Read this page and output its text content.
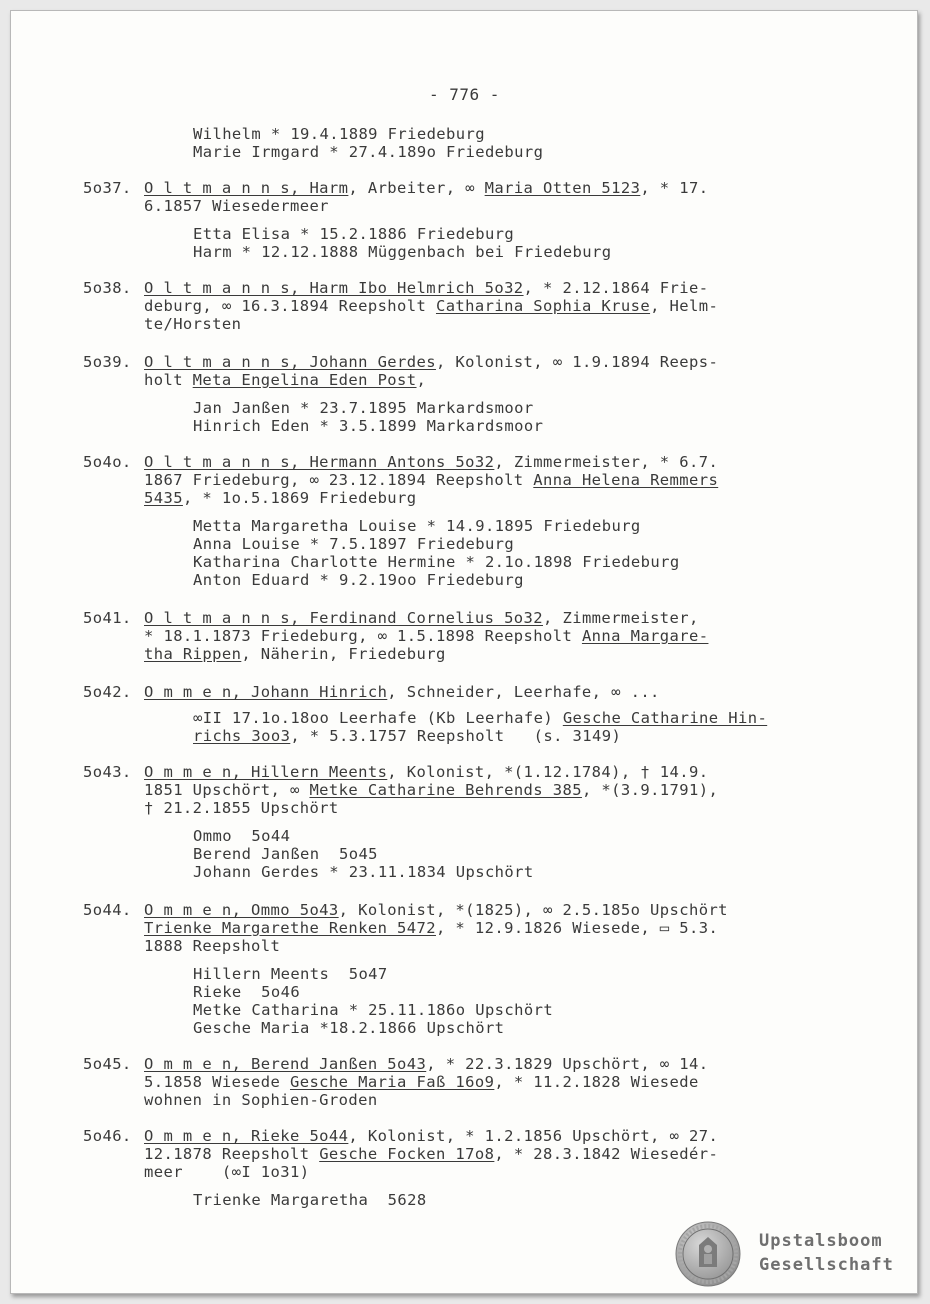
- 776 -
Wilhelm * 19.4.1889 Friedeburg
Marie Irmgard * 27.4.189o Friedeburg
5o37. O l t m a n n s, Harm, Arbeiter, ∞ Maria Otten 5123, * 17.
6.1857 Wiesedermeer
Etta Elisa * 15.2.1886 Friedeburg
Harm * 12.12.1888 Müggenbach bei Friedeburg
5o38. O l t m a n n s, Harm Ibo Helmrich 5o32, * 2.12.1864 Frie-
deburg, ∞ 16.3.1894 Reepsholt Catharina Sophia Kruse, Helm-
te/Horsten
5o39. O l t m a n n s, Johann Gerdes, Kolonist, ∞ 1.9.1894 Reeps-
holt Meta Engelina Eden Post,
Jan Janßen * 23.7.1895 Markardsmoor
Hinrich Eden * 3.5.1899 Markardsmoor
5o4o. O l t m a n n s, Hermann Antons 5o32, Zimmermeister, * 6.7.
1867 Friedeburg, ∞ 23.12.1894 Reepsholt Anna Helena Remmers
5435, * 1o.5.1869 Friedeburg
Metta Margaretha Louise * 14.9.1895 Friedeburg
Anna Louise * 7.5.1897 Friedeburg
Katharina Charlotte Hermine * 2.1o.1898 Friedeburg
Anton Eduard * 9.2.19oo Friedeburg
5o41. O l t m a n n s, Ferdinand Cornelius 5o32, Zimmermeister,
* 18.1.1873 Friedeburg, ∞ 1.5.1898 Reepsholt Anna Margare-
tha Rippen, Näherin, Friedeburg
5o42. O m m e n, Johann Hinrich, Schneider, Leerhafe, ∞ ...
∞II 17.1o.18oo Leerhafe (Kb Leerhafe) Gesche Catharine Hin-
richs 3oo3, * 5.3.1757 Reepsholt   (s. 3149)
5o43. O m m e n, Hillern Meents, Kolonist, *(1.12.1784), † 14.9.
1851 Upschört, ∞ Metke Catharine Behrends 385, *(3.9.1791),
† 21.2.1855 Upschört
Ommo  5o44
Berend Janßen  5o45
Johann Gerdes * 23.11.1834 Upschört
5o44. O m m e n, Ommo 5o43, Kolonist, *(1825), ∞ 2.5.185o Upschört
Trienke Margarethe Renken 5472, * 12.9.1826 Wiesede, ▭ 5.3.
1888 Reepsholt
Hillern Meents  5o47
Rieke  5o46
Metke Catharina * 25.11.186o Upschört
Gesche Maria *18.2.1866 Upschört
5o45. O m m e n, Berend Janßen 5o43, * 22.3.1829 Upschört, ∞ 14.
5.1858 Wiesede Gesche Maria Faß 16o9, * 11.2.1828 Wiesede
wohnen in Sophien-Groden
5o46. O m m e n, Rieke 5o44, Kolonist, * 1.2.1856 Upschört, ∞ 27.
12.1878 Reepsholt Gesche Focken 17o8, * 28.3.1842 Wiesedér-
meer    (∞I 1o31)
Trienke Margaretha  5628
Upstalsboom
Gesellschaft
